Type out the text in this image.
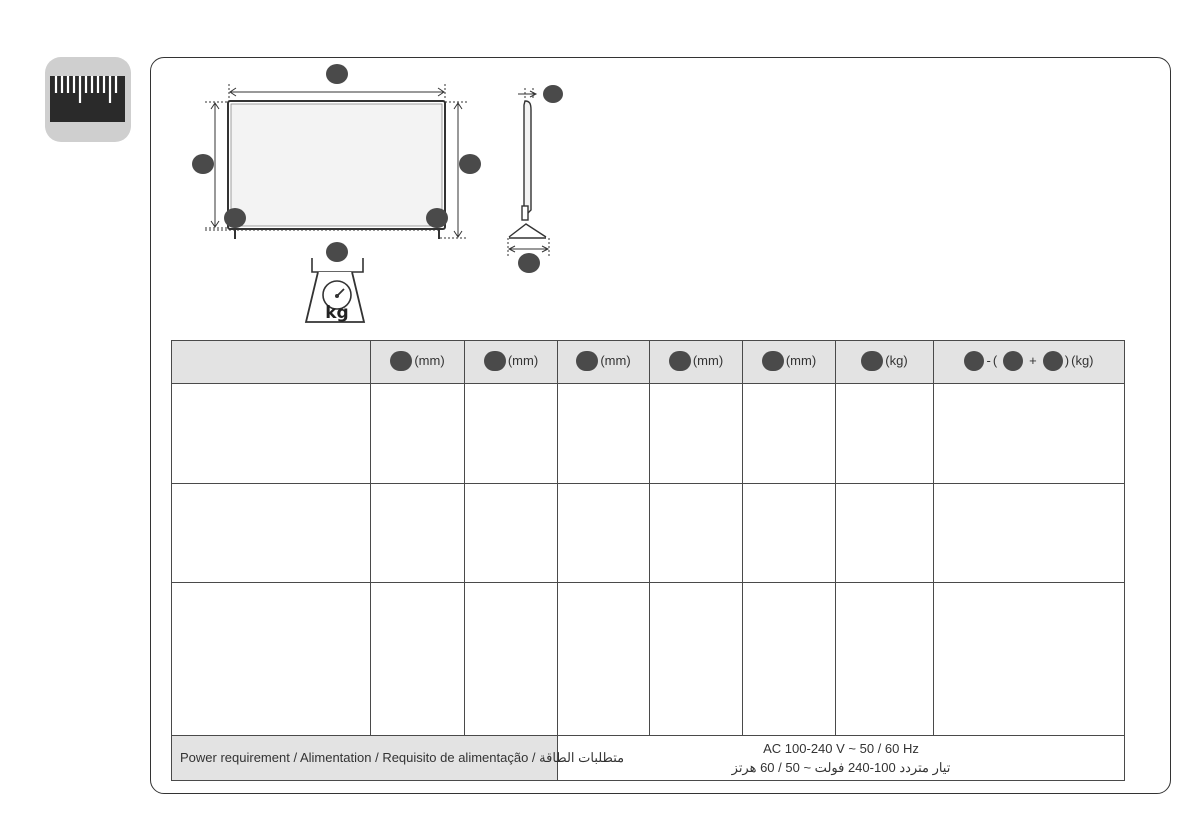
kg

	(mm)	(mm)	(mm)	(mm)	(mm)	(kg)	- ( + ) (kg)

Power requirement / Alimentation / Requisito de alimentação / متطلبات الطاقة			AC 100-240 V ~ 50 / 60 Hz
تيار متردد 100-240 فولت ~ 50 / 60 هرتز				
